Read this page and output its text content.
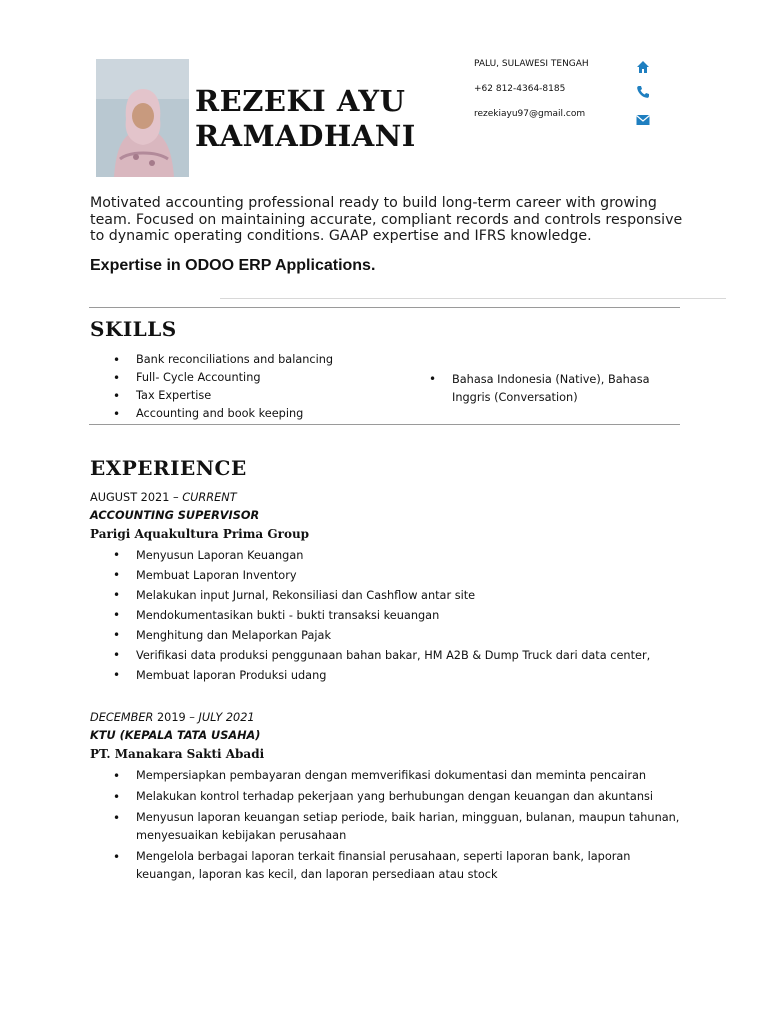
REZEKI AYU
RAMADHANI
PALU, SULAWESI TENGAH
+62 812-4364-8185
rezekiayu97@gmail.com
Motivated accounting professional ready to build long-term career with growing team. Focused on maintaining accurate, compliant records and controls responsive to dynamic operating conditions. GAAP expertise and IFRS knowledge.
Expertise in ODOO ERP Applications.
SKILLS
• Bank reconciliations and balancing
• Full- Cycle Accounting
• Tax Expertise
• Accounting and book keeping
• Bahasa Indonesia (Native), Bahasa Inggris (Conversation)
EXPERIENCE
AUGUST 2021 – CURRENT
ACCOUNTING SUPERVISOR
Parigi Aquakultura Prima Group
• Menyusun Laporan Keuangan
• Membuat Laporan Inventory
• Melakukan input Jurnal, Rekonsiliasi dan Cashflow antar site
• Mendokumentasikan bukti - bukti transaksi keuangan
• Menghitung dan Melaporkan Pajak
• Verifikasi data produksi penggunaan bahan bakar, HM A2B & Dump Truck dari data center,
• Membuat laporan Produksi udang
DECEMBER 2019 – JULY 2021
KTU (KEPALA TATA USAHA)
PT. Manakara Sakti Abadi
• Mempersiapkan pembayaran dengan memverifikasi dokumentasi dan meminta pencairan
• Melakukan kontrol terhadap pekerjaan yang berhubungan dengan keuangan dan akuntansi
• Menyusun laporan keuangan setiap periode, baik harian, mingguan, bulanan, maupun tahunan, menyesuaikan kebijakan perusahaan
• Mengelola berbagai laporan terkait finansial perusahaan, seperti laporan bank, laporan keuangan, laporan kas kecil, dan laporan persediaan atau stock
